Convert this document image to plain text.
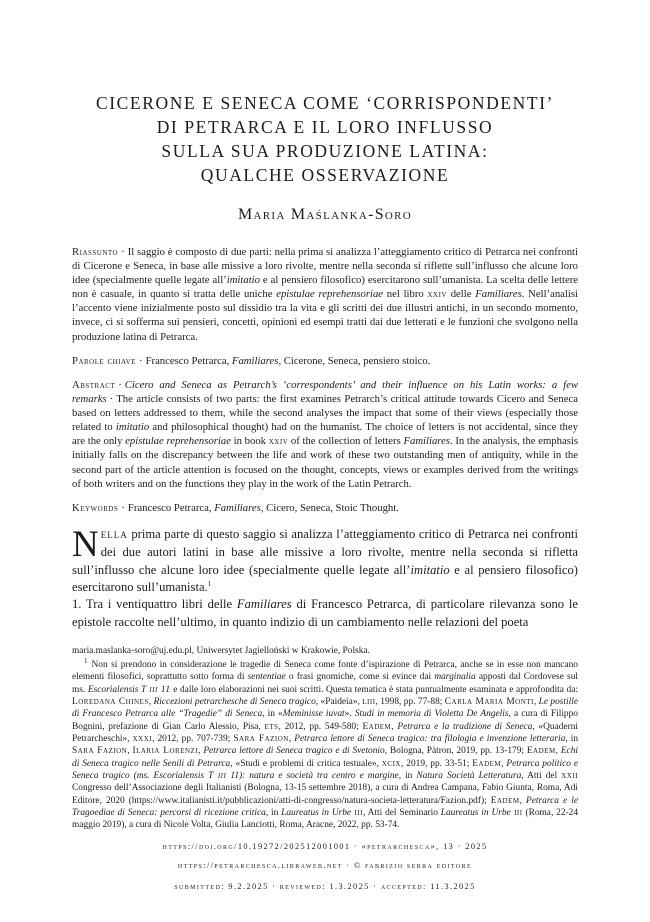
CICERONE E SENECA COME ‘CORRISPONDENTI’
DI PETRARCA E IL LORO INFLUSSO
SULLA SUA PRODUZIONE LATINA:
QUALCHE OSSERVAZIONE
Maria Maślanka-Soro
Riassunto · Il saggio è composto di due parti: nella prima si analizza l’atteggiamento critico di Petrarca nei confronti di Cicerone e Seneca, in base alle missive a loro rivolte, mentre nella seconda si riflette sull’influsso che alcune loro idee (specialmente quelle legate all’imitatio e al pensiero filosofico) esercitarono sull’umanista. La scelta delle lettere non è casuale, in quanto si tratta delle uniche epistulae reprehensoriae nel libro xxiv delle Familiares. Nell’analisi l’accento viene inizialmente posto sul dissidio tra la vita e gli scritti dei due illustri antichi, in un secondo momento, invece, ci si sofferma sui pensieri, concetti, opinioni ed esempi tratti dai due letterati e le funzioni che svolgono nella produzione latina di Petrarca.
Parole chiave · Francesco Petrarca, Familiares, Cicerone, Seneca, pensiero stoico.
Abstract · Cicero and Seneca as Petrarch’s ‘correspondents’ and their influence on his Latin works: a few remarks · The article consists of two parts: the first examines Petrarch’s critical attitude towards Cicero and Seneca based on letters addressed to them, while the second analyses the impact that some of their views (especially those related to imitatio and philosophical thought) had on the humanist. The choice of letters is not accidental, since they are the only epistulae reprehensoriae in book xxiv of the collection of letters Familiares. In the analysis, the emphasis initially falls on the discrepancy between the life and work of these two outstanding men of antiquity, while in the second part of the article attention is focused on the thought, concepts, views or examples derived from the writings of both writers and on the functions they play in the work of the Latin Petrarch.
Keywords · Francesco Petrarca, Familiares, Cicero, Seneca, Stoic Thought.
Nella prima parte di questo saggio si analizza l’atteggiamento critico di Petrarca nei confronti dei due autori latini in base alle missive a loro rivolte, mentre nella seconda si rifletta sull’influsso che alcune loro idee (specialmente quelle legate all’imitatio e al pensiero filosofico) esercitarono sull’umanista.$^1$
1. Tra i ventiquattro libri delle Familiares di Francesco Petrarca, di particolare rilevanza sono le epistole raccolte nell’ultimo, in quanto indizio di un cambiamento nelle relazioni del poeta
maria.maslanka-soro@uj.edu.pl, Uniwersytet Jagielloński w Krakowie, Polska.
$^1$ Non si prendono in considerazione le tragedie di Seneca come fonte d’ispirazione di Petrarca, anche se in esse non mancano elementi filosofici, soprattutto sotto forma di sententiae o frasi gnomiche, come si evince dai marginalia apposti dal Cordovese sul ms. Escorialensis T iii 11 e dalle loro elaborazioni nei suoi scritti. Questa tematica è stata puntualmente esaminata e approfondita da: Loredana Chines, Riccezioni petrarchesche di Seneca tragico, «Paideia», liii, 1998, pp. 77-88; Carla Maria Monti, Le postille di Francesco Petrarca alle “Tragedie” di Seneca, in «Meminisse iuvat». Studi in memoria di Violetta De Angelis, a cura di Filippo Bognini, prefazione di Gian Carlo Alessio, Pisa, ets, 2012, pp. 549-580; Eadem, Petrarca e la tradizione di Seneca, «Quaderni Petrarcheschi», xxxi, 2012, pp. 707-739; Sara Fazion, Petrarca lettore di Seneca tragico: tra filologia e invenzione letteraria, in Sara Fazion, Ilaria Lorenzi, Petrarca lettore di Seneca tragico e di Svetonio, Bologna, Pàtron, 2019, pp. 13-179; Eadem, Echi di Seneca tragico nelle Senili di Petrarca, «Studi e problemi di critica testuale», xcix, 2019, pp. 33-51; Eadem, Petrarca politico e Seneca tragico (ms. Escorialensis T iii 11): natura e società tra centro e margine, in Natura Società Letteratura, Atti del xxii Congresso dell’Associazione degli Italianisti (Bologna, 13-15 settembre 2018), a cura di Andrea Campana, Fabio Giunta, Roma, Adi Editore, 2020 (https://www.italianisti.it/pubblicazioni/atti-di-congresso/natura-societa-letteratura/Fazion.pdf); Eadem, Petrarca e le Tragoediae di Seneca: percorsi di ricezione critica, in Laureatus in Urbe iii, Atti del Seminario Laureatus in Urbe iii (Roma, 22-24 maggio 2019), a cura di Nicole Volta, Giulia Lanciotti, Roma, Aracne, 2022, pp. 53-74.
https://doi.org/10.19272/202512001001 · «petrarchesca», 13 · 2025
https://petrarchesca.libraweb.net · © fabrizio serra editore
submitted: 9.2.2025 · reviewed: 1.3.2025 · accepted: 11.3.2025
